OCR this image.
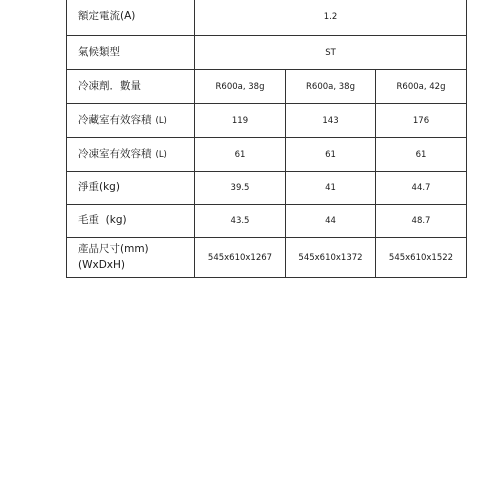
額定電流(A)	1.2		
氣候類型	ST		
冷凍劑．數量	R600a, 38g	R600a, 38g	R600a, 42g
冷藏室有效容積 (L)	119	143	176
冷凍室有效容積 (L)	61	61	61
淨重(kg)	39.5	41	44.7
毛重  (kg)	43.5	44	48.7

產品尺寸(mm)
(WxDxH)	545x610x1267	545x610x1372	545x610x1522
